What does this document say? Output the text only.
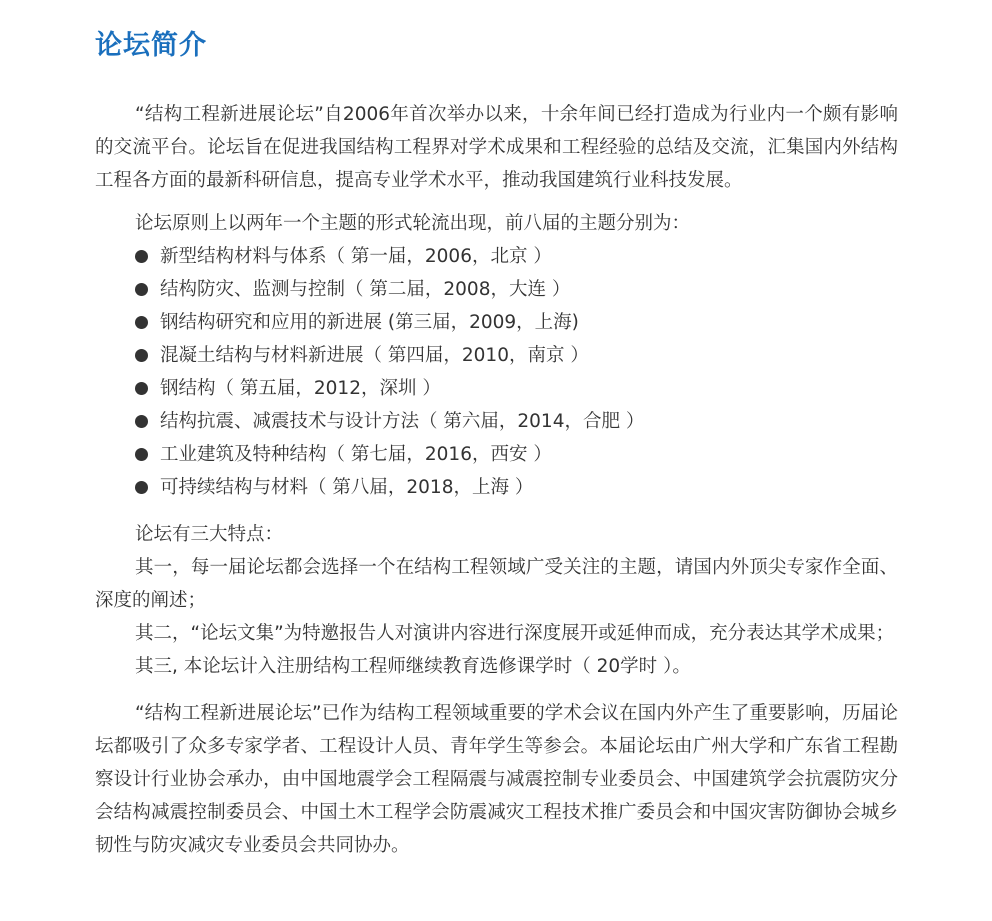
论坛简介

“结构工程新进展论坛”自2006年首次举办以来，十余年间已经打造成为行业内一个颇有影响的交流平台。论坛旨在促进我国结构工程界对学术成果和工程经验的总结及交流，汇集国内外结构工程各方面的最新科研信息，提高专业学术水平，推动我国建筑行业科技发展。

论坛原则上以两年一个主题的形式轮流出现，前八届的主题分别为：

新型结构材料与体系（ 第一届，2006，北京 ）
结构防灾、监测与控制（ 第二届，2008，大连 ）
钢结构研究和应用的新进展 (第三届，2009，上海)
混凝土结构与材料新进展（ 第四届，2010，南京 ）
钢结构（ 第五届，2012，深圳 ）
结构抗震、减震技术与设计方法（ 第六届，2014，合肥 ）
工业建筑及特种结构（ 第七届，2016，西安 ）
可持续结构与材料（ 第八届，2018，上海 ）

论坛有三大特点：

其一，每一届论坛都会选择一个在结构工程领域广受关注的主题，请国内外顶尖专家作全面、深度的阐述；

其二，“论坛文集”为特邀报告人对演讲内容进行深度展开或延伸而成，充分表达其学术成果；

其三, 本论坛计入注册结构工程师继续教育选修课学时（ 20学时 ）。

“结构工程新进展论坛”已作为结构工程领域重要的学术会议在国内外产生了重要影响，历届论坛都吸引了众多专家学者、工程设计人员、青年学生等参会。本届论坛由广州大学和广东省工程勘察设计行业协会承办，由中国地震学会工程隔震与减震控制专业委员会、中国建筑学会抗震防灾分会结构减震控制委员会、中国土木工程学会防震减灾工程技术推广委员会和中国灾害防御协会城乡韧性与防灾减灾专业委员会共同协办。
